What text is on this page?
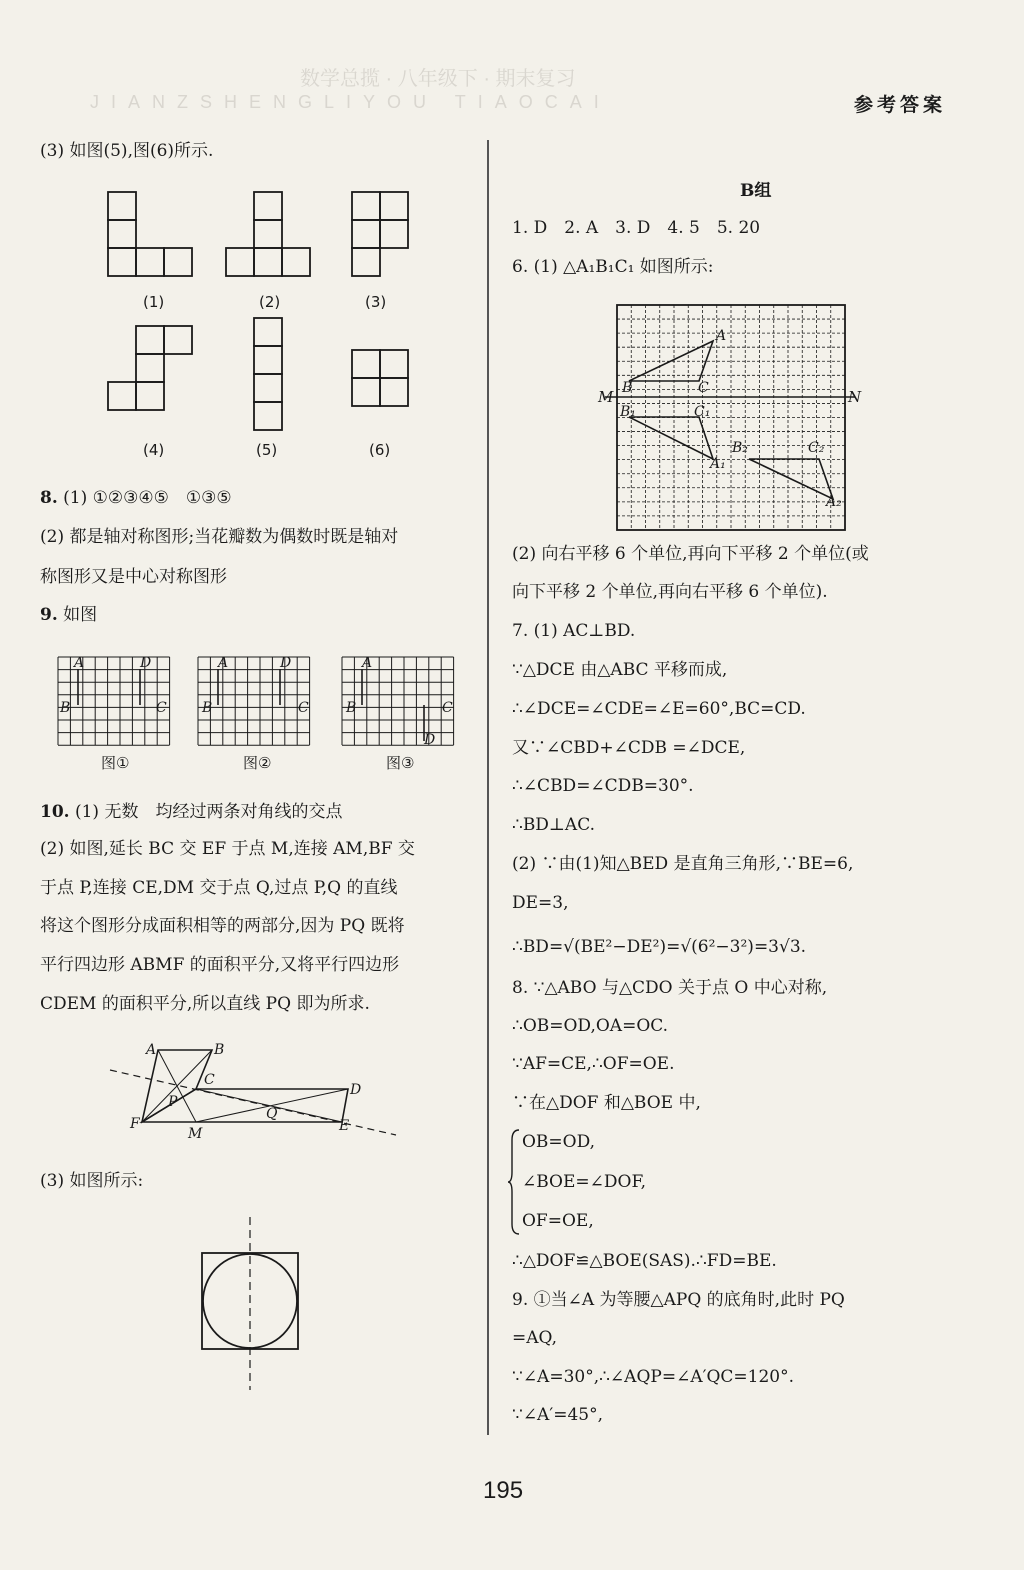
数学总揽 · 八年级下 · 期末复习
JIANZSHENGLIYOU TIAOCAI	参考答案
(3) 如图(5),图(6)所示.
(1)	(2)	(3)
(4)	(5)	(6)
8. (1) ①②③④⑤　①③⑤
(2) 都是轴对称图形;当花瓣数为偶数时既是轴对
称图形又是中心对称图形
9. 如图
A	D
B	C
A	D
B	C
A
B	C
D
图①	图②	图③
10. (1) 无数　均经过两条对角线的交点
(2) 如图,延长 BC 交 EF 于点 M,连接 AM,BF 交
于点 P,连接 CE,DM 交于点 Q,过点 P,Q 的直线
将这个图形分成面积相等的两部分,因为 PQ 既将
平行四边形 ABMF 的面积平分,又将平行四边形
CDEM 的面积平分,所以直线 PQ 即为所求.
A	B
C
D
E
F
M
P
Q
(3) 如图所示:
B组
1. D　2. A　3. D　4. 5　5. 20
6. (1) △A₁B₁C₁ 如图所示:
A
B	C
M	N
B₁	C₁
A₁
B₂	C₂
A₂
(2) 向右平移 6 个单位,再向下平移 2 个单位(或
向下平移 2 个单位,再向右平移 6 个单位).
7. (1) AC⊥BD.
∵△DCE 由△ABC 平移而成,
∴∠DCE=∠CDE=∠E=60°,BC=CD.
又∵∠CBD+∠CDB =∠DCE,
∴∠CBD=∠CDB=30°.
∴BD⊥AC.
(2) ∵由(1)知△BED 是直角三角形,∵BE=6,
DE=3,
∴BD=√(BE²−DE²)=√(6²−3²)=3√3.
8. ∵△ABO 与△CDO 关于点 O 中心对称,
∴OB=OD,OA=OC.
∵AF=CE,∴OF=OE.
∵在△DOF 和△BOE 中,
OB=OD,
∠BOE=∠DOF,
OF=OE,
∴△DOF≌△BOE(SAS).∴FD=BE.
9. ①当∠A 为等腰△APQ 的底角时,此时 PQ
=AQ,
∵∠A=30°,∴∠AQP=∠A′QC=120°.
∵∠A′=45°,
195
